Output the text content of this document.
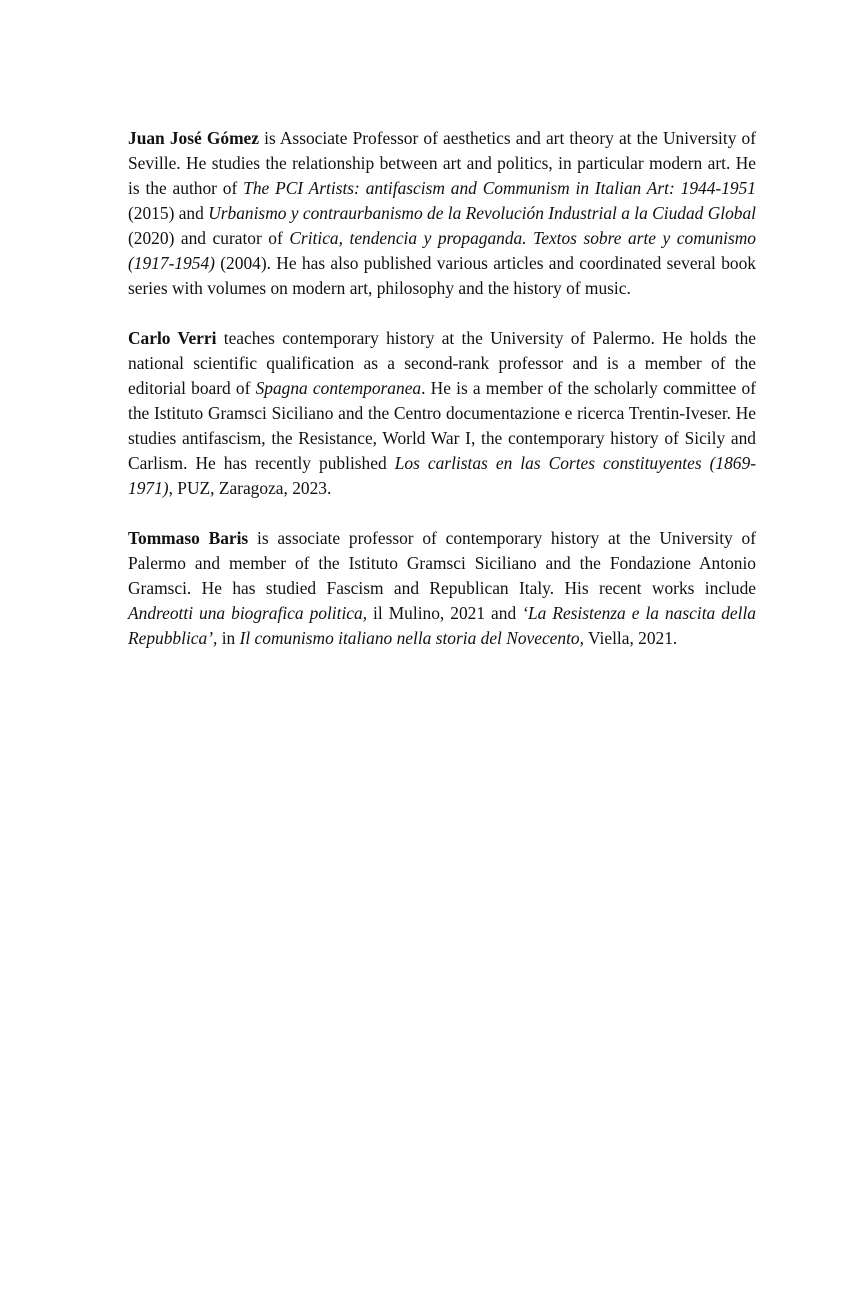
Juan José Gómez is Associate Professor of aesthetics and art theory at the University of Seville. He studies the relationship between art and politics, in particular modern art. He is the author of The PCI Artists: antifascism and Communism in Italian Art: 1944-1951 (2015) and Urbanismo y contraurbanismo de la Revolución Industrial a la Ciudad Global (2020) and curator of Critica, tendencia y propaganda. Textos sobre arte y comunismo (1917-1954) (2004). He has also published various articles and coordinated several book series with volumes on modern art, philosophy and the history of music.

Carlo Verri teaches contemporary history at the University of Palermo. He holds the national scientific qualification as a second-rank professor and is a member of the editorial board of Spagna contemporanea. He is a member of the scholarly committee of the Istituto Gramsci Siciliano and the Centro documentazione e ricerca Trentin-Iveser. He studies antifascism, the Resistance, World War I, the contemporary history of Sicily and Carlism. He has recently published Los carlistas en las Cortes constituyentes (1869-1971), PUZ, Zaragoza, 2023.

Tommaso Baris is associate professor of contemporary history at the University of Palermo and member of the Istituto Gramsci Siciliano and the Fondazione Antonio Gramsci. He has studied Fascism and Republican Italy. His recent works include Andreotti una biografica politica, il Mulino, 2021 and ‘La Resistenza e la nascita della Repubblica’, in Il comunismo italiano nella storia del Novecento, Viella, 2021.
